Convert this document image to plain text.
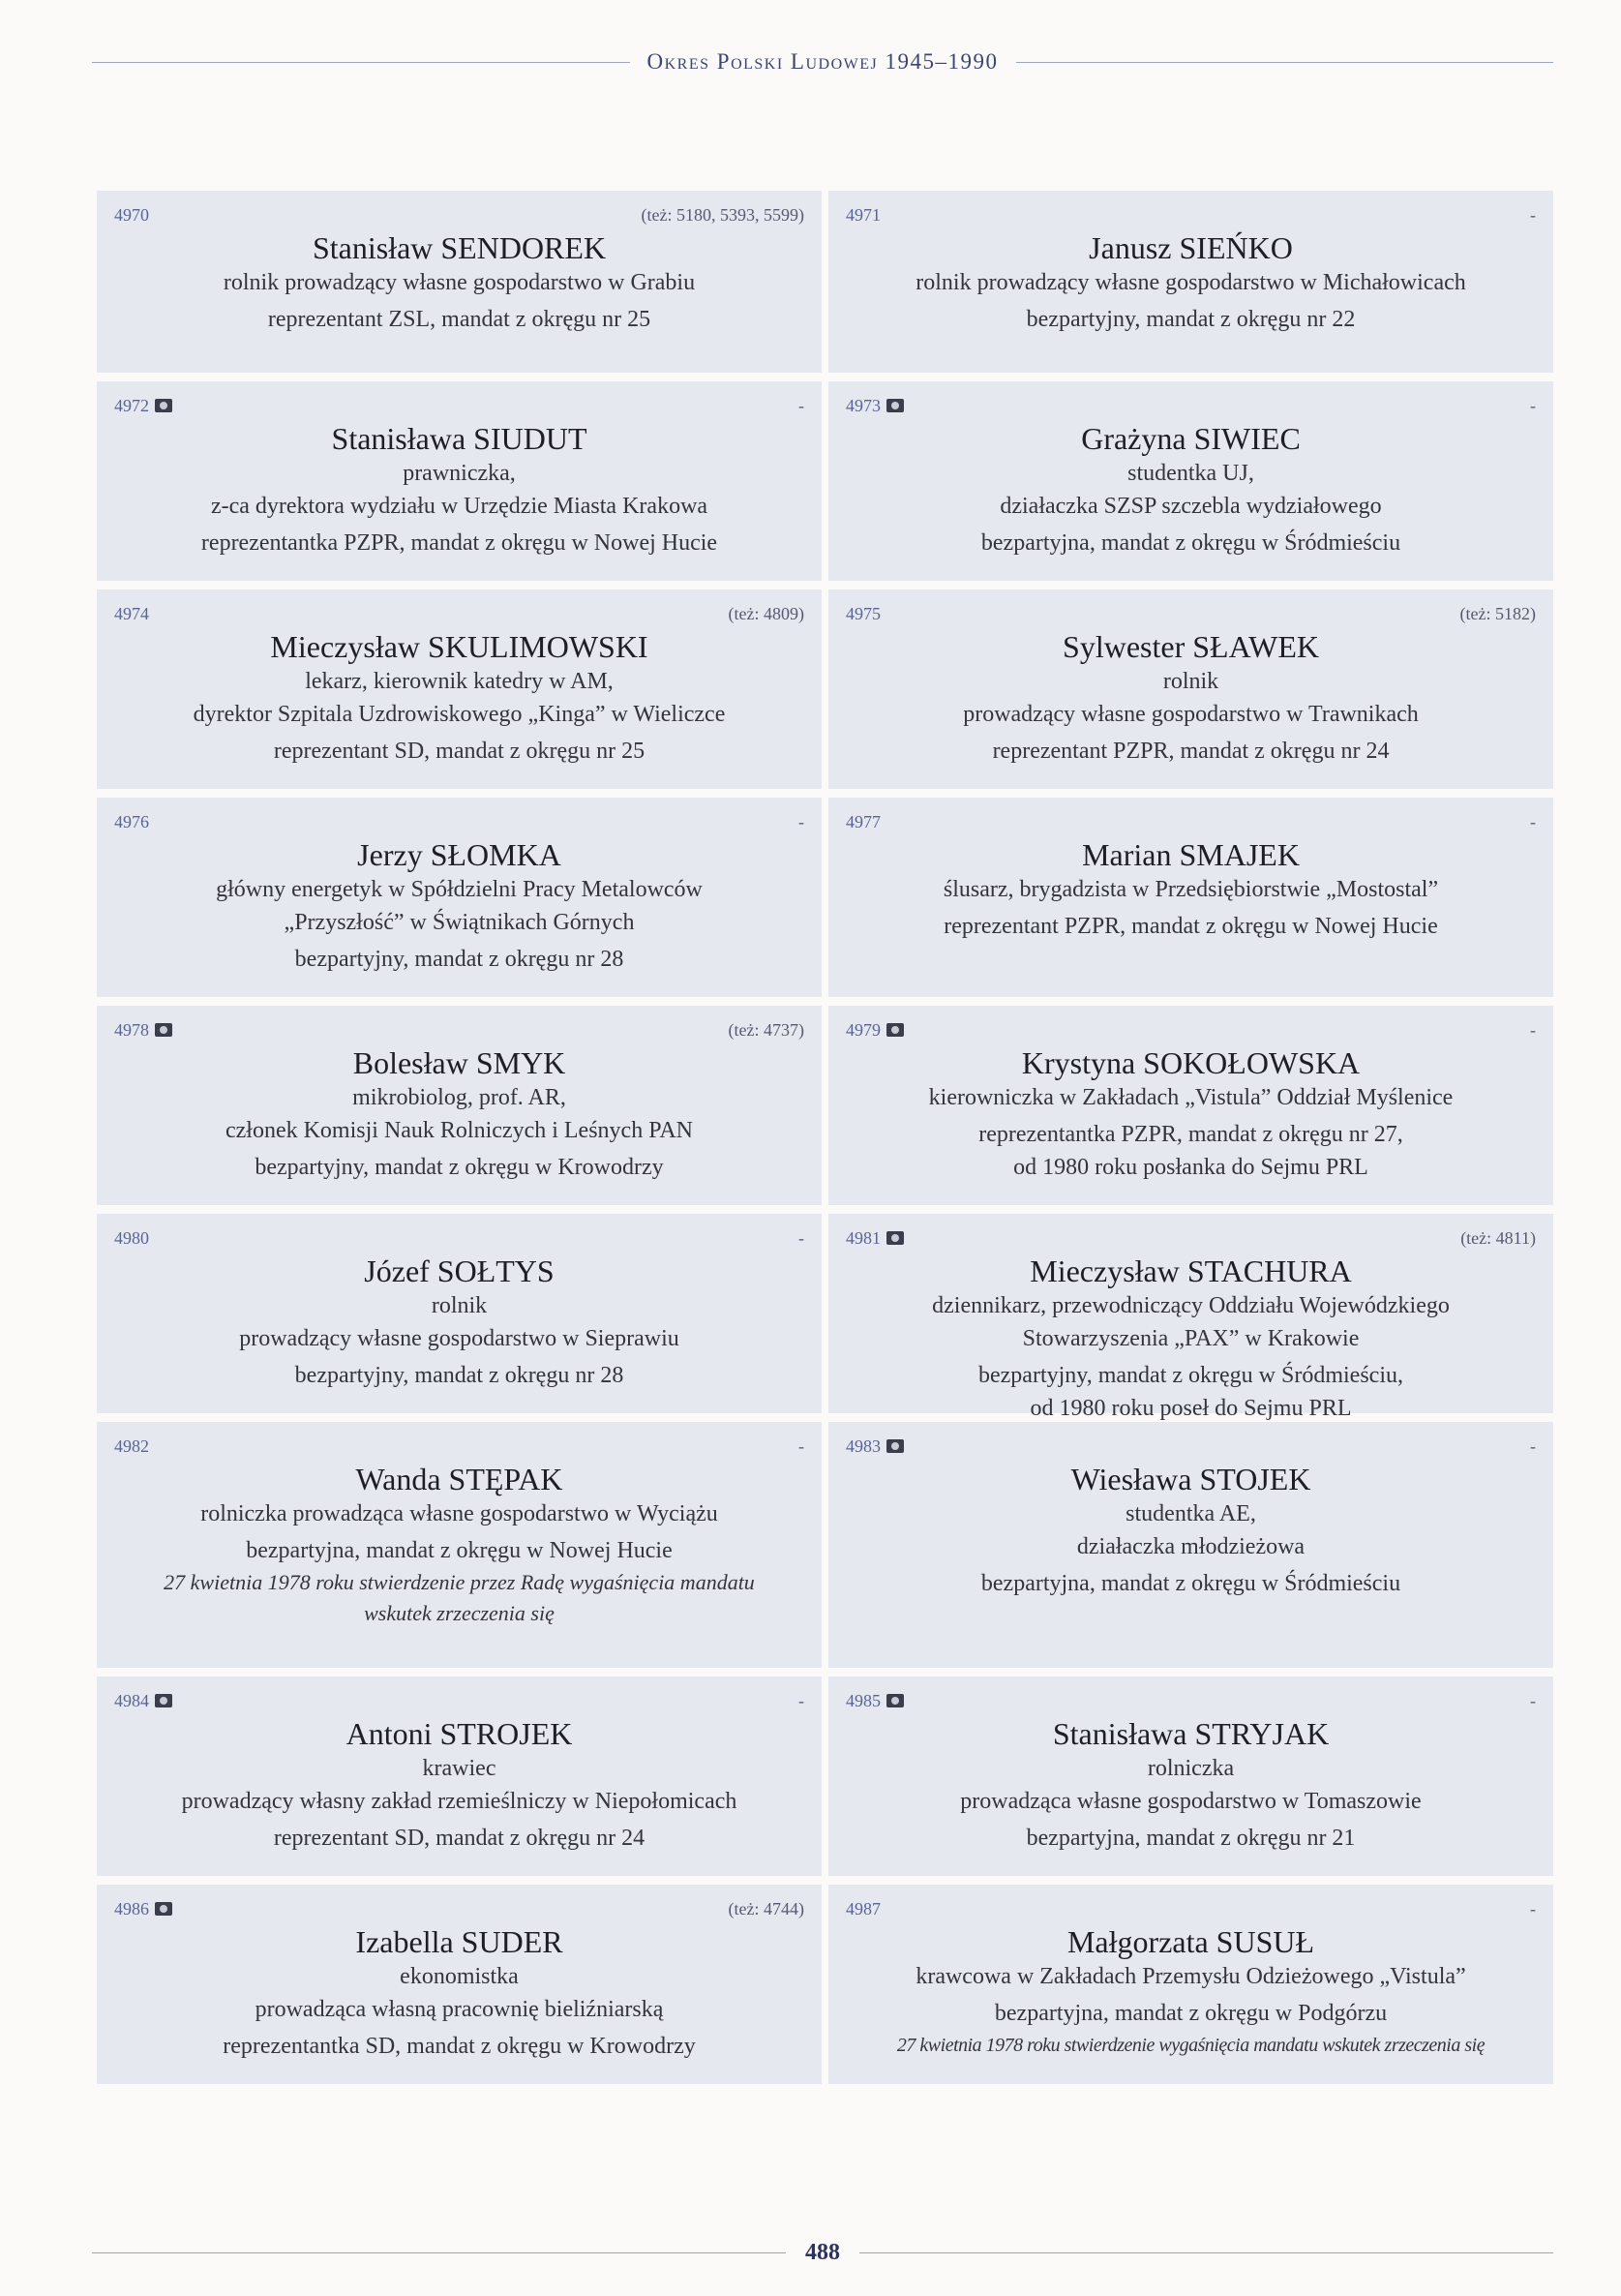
Okres Polski Ludowej 1945–1990
4970	(też: 5180, 5393, 5599)
Stanisław SENDOREK
rolnik prowadzący własne gospodarstwo w Grabiu
reprezentant ZSL, mandat z okręgu nr 25
4971	-
Janusz SIEŃKO
rolnik prowadzący własne gospodarstwo w Michałowicach
bezpartyjny, mandat z okręgu nr 22
4972	-
Stanisława SIUDUT
prawniczka,
z-ca dyrektora wydziału w Urzędzie Miasta Krakowa
reprezentantka PZPR, mandat z okręgu w Nowej Hucie
4973	-
Grażyna SIWIEC
studentka UJ,
działaczka SZSP szczebla wydziałowego
bezpartyjna, mandat z okręgu w Śródmieściu
4974	(też: 4809)
Mieczysław SKULIMOWSKI
lekarz, kierownik katedry w AM,
dyrektor Szpitala Uzdrowiskowego „Kinga” w Wieliczce
reprezentant SD, mandat z okręgu nr 25
4975	(też: 5182)
Sylwester SŁAWEK
rolnik
prowadzący własne gospodarstwo w Trawnikach
reprezentant PZPR, mandat z okręgu nr 24
4976	-
Jerzy SŁOMKA
główny energetyk w Spółdzielni Pracy Metalowców
„Przyszłość” w Świątnikach Górnych
bezpartyjny, mandat z okręgu nr 28
4977	-
Marian SMAJEK
ślusarz, brygadzista w Przedsiębiorstwie „Mostostal”
reprezentant PZPR, mandat z okręgu w Nowej Hucie
4978	(też: 4737)
Bolesław SMYK
mikrobiolog, prof. AR,
członek Komisji Nauk Rolniczych i Leśnych PAN
bezpartyjny, mandat z okręgu w Krowodrzy
4979	-
Krystyna SOKOŁOWSKA
kierowniczka w Zakładach „Vistula” Oddział Myślenice
reprezentantka PZPR, mandat z okręgu nr 27,
od 1980 roku posłanka do Sejmu PRL
4980	-
Józef SOŁTYS
rolnik
prowadzący własne gospodarstwo w Sieprawiu
bezpartyjny, mandat z okręgu nr 28
4981	(też: 4811)
Mieczysław STACHURA
dziennikarz, przewodniczący Oddziału Wojewódzkiego
Stowarzyszenia „PAX” w Krakowie
bezpartyjny, mandat z okręgu w Śródmieściu,
od 1980 roku poseł do Sejmu PRL
4982	-
Wanda STĘPAK
rolniczka prowadząca własne gospodarstwo w Wyciążu
bezpartyjna, mandat z okręgu w Nowej Hucie
27 kwietnia 1978 roku stwierdzenie przez Radę wygaśnięcia mandatu
wskutek zrzeczenia się
4983	-
Wiesława STOJEK
studentka AE,
działaczka młodzieżowa
bezpartyjna, mandat z okręgu w Śródmieściu
4984	-
Antoni STROJEK
krawiec
prowadzący własny zakład rzemieślniczy w Niepołomicach
reprezentant SD, mandat z okręgu nr 24
4985	-
Stanisława STRYJAK
rolniczka
prowadząca własne gospodarstwo w Tomaszowie
bezpartyjna, mandat z okręgu nr 21
4986	(też: 4744)
Izabella SUDER
ekonomistka
prowadząca własną pracownię bieliźniarską
reprezentantka SD, mandat z okręgu w Krowodrzy
4987	-
Małgorzata SUSUŁ
krawcowa w Zakładach Przemysłu Odzieżowego „Vistula”
bezpartyjna, mandat z okręgu w Podgórzu
27 kwietnia 1978 roku stwierdzenie wygaśnięcia mandatu wskutek zrzeczenia się
488
